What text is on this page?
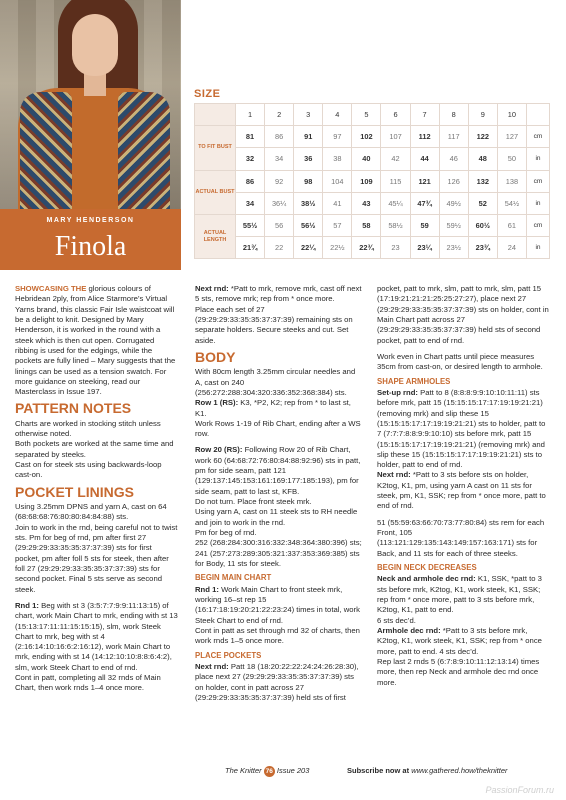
MARY HENDERSON
Finola
SIZE
	1	2	3	4	5	6	7	8	9	10	
TO FIT BUST	81	86	91	97	102	107	112	117	122	127	cm
	32	34	36	38	40	42	44	46	48	50	in
ACTUAL BUST	86	92	98	104	109	115	121	126	132	138	cm
	34	36¼	38½	41	43	45¼	47¾	49½	52	54½	in
ACTUAL LENGTH	55½	56	56½	57	58	58½	59	59½	60½	61	cm
	21¾	22	22¼	22½	22¾	23	23¼	23½	23¾	24	in

SHOWCASING THE glorious colours of Hebridean 2ply, from Alice Starmore’s Virtual Yarns brand, this classic Fair Isle waistcoat will be a delight to knit. Designed by Mary Henderson, it is worked in the round with a steek which is then cut open. Corrugated ribbing is used for the edgings, while the pockets are fully lined – Mary suggests that the linings can be used as a tension swatch. For more guidance on steeking, read our Masterclass in Issue 197.

PATTERN NOTES

Charts are worked in stocking stitch unless otherwise noted.

Both pockets are worked at the same time and separated by steeks.

Cast on for steek sts using backwards-loop cast-on.

POCKET LININGS

Using 3.25mm DPNS and yarn A, cast on 64 (68:68:68:76:80:80:84:84:88) sts.

Join to work in the rnd, being careful not to twist sts. Pm for beg of rnd, pm after first 27 (29:29:29:33:35:35:37:37:39) sts for first pocket, pm after foll 5 sts for steek, then after foll 27 (29:29:29:33:35:35:37:37:39) sts for second pocket. Final 5 sts serve as second steek.

Rnd 1: Beg with st 3 (3:5:7:7:9:9:11:13:15) of chart, work Main Chart to mrk, ending with st 13 (15:13:17:11:11:15:15:15), slm, work Steek Chart to mrk, beg with st 4 (2:16:14:10:16:6:2:16:12), work Main Chart to mrk, ending with st 14 (14:12:10:10:8:8:6:4:2), slm, work Steek Chart to end of rnd.

Cont in patt, completing all 32 rnds of Main Chart, then work rnds 1–4 once more.

Next rnd: *Patt to mrk, remove mrk, cast off next 5 sts, remove mrk; rep from * once more.

Place each set of 27 (29:29:29:33:35:35:37:37:39) remaining sts on separate holders. Secure steeks and cut. Set aside.

BODY

With 80cm length 3.25mm circular needles and A, cast on 240 (256:272:288:304:320:336:352:368:384) sts.

Row 1 (RS): K3, *P2, K2; rep from * to last st, K1.

Work Rows 1-19 of Rib Chart, ending after a WS row.

Row 20 (RS): Following Row 20 of Rib Chart, work 60 (64:68:72:76:80:84:88:92:96) sts in patt, pm for side seam, patt 121 (129:137:145:153:161:169:177:185:193), pm for side seam, patt to last st, KFB.

Do not turn. Place front steek mrk.

Using yarn A, cast on 11 steek sts to RH needle and join to work in the rnd.

Pm for beg of rnd.

252 (268:284:300:316:332:348:364:380:396) sts; 241 (257:273:289:305:321:337:353:369:385) sts for Body, 11 sts for steek.

BEGIN MAIN CHART

Rnd 1: Work Main Chart to front steek mrk, working 16–st rep 15 (16:17:18:19:20:21:22:23:24) times in total, work Steek Chart to end of rnd.

Cont in patt as set through rnd 32 of charts, then work rnds 1–5 once more.

PLACE POCKETS

Next rnd: Patt 18 (18:20:22:22:24:24:26:28:30), place next 27 (29:29:29:33:35:35:37:37:39) sts on holder, cont in patt across 27 (29:29:29:33:35:35:37:37:39) held sts of first

pocket, patt to mrk, slm, patt to mrk, slm, patt 15 (17:19:21:21:21:25:25:27:27), place next 27 (29:29:29:33:35:35:37:37:39) sts on holder, cont in Main Chart patt across 27 (29:29:29:33:35:35:37:37:39) held sts of second pocket, patt to end of rnd.

Work even in Chart patts until piece measures 35cm from cast-on, or desired length to armhole.

SHAPE ARMHOLES

Set-up rnd: Patt to 8 (8:8:8:9:9:10:10:11:11) sts before mrk, patt 15 (15:15:15:17:17:19:19:21:21) (removing mrk) and slip these 15 (15:15:15:17:17:19:19:21:21) sts to holder, patt to 7 (7:7:7:8:8:9:9:10:10) sts before mrk, patt 15 (15:15:15:17:17:19:19:21:21) (removing mrk) and slip these 15 (15:15:15:17:17:19:19:21:21) sts to holder, patt to end of rnd.

Next rnd: *Patt to 3 sts before sts on holder, K2tog, K1, pm, using yarn A cast on 11 sts for steek, pm, K1, SSK; rep from * once more, patt to end of rnd.

51 (55:59:63:66:70:73:77:80:84) sts rem for each Front, 105 (113:121:129:135:143:149:157:163:171) sts for Back, and 11 sts for each of three steeks.

BEGIN NECK DECREASES

Neck and armhole dec rnd: K1, SSK, *patt to 3 sts before mrk, K2tog, K1, work steek, K1, SSK; rep from * once more, patt to 3 sts before mrk, K2tog, K1, patt to end.

6 sts dec’d.

Armhole dec rnd: *Patt to 3 sts before mrk, K2tog, K1, work steek, K1, SSK; rep from * once more, patt to end. 4 sts dec’d.

Rep last 2 rnds 5 (6:7:8:9:10:11:12:13:14) times more, then rep Neck and armhole dec rnd once more.

The Knitter 76 Issue 203	Subscribe now at www.gathered.how/theknitter
PassionForum.ru
